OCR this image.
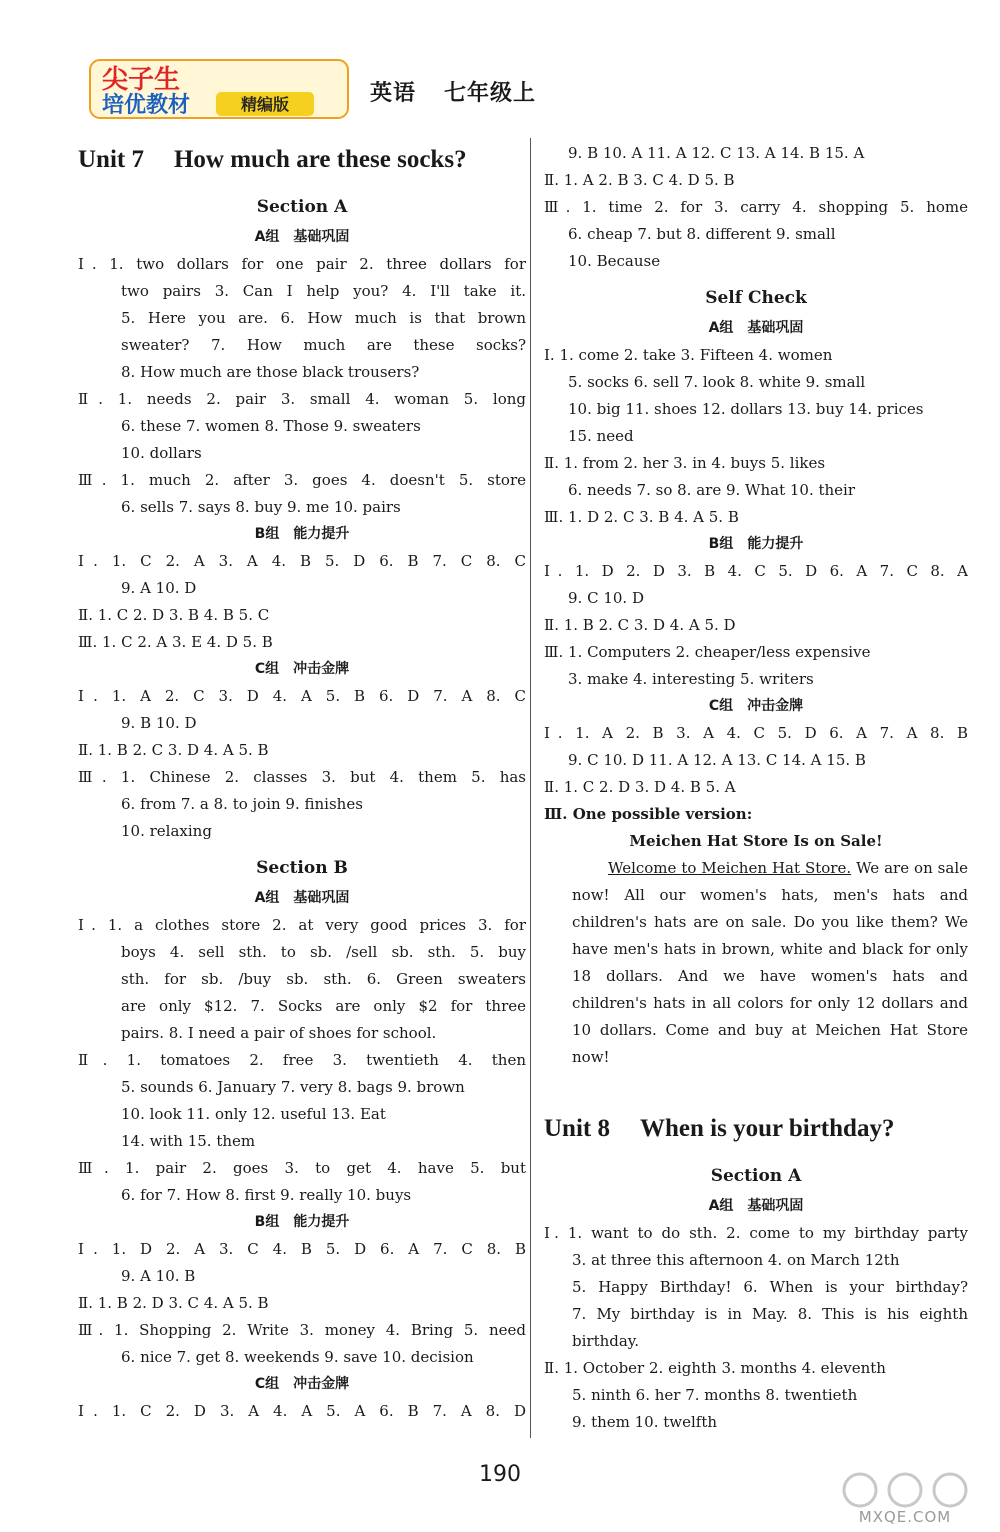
尖子生
培优教材	精编版	英语 七年级上
Unit 7 How much are these socks?
Section A
A组 基础巩固
Ⅰ. 1. two dollars for one pair 2. three dollars for
two pairs 3. Can I help you? 4. I'll take it.
5. Here you are. 6. How much is that brown
sweater? 7. How much are these socks?
8. How much are those black trousers?
Ⅱ. 1. needs 2. pair 3. small 4. woman 5. long
6. these 7. women 8. Those 9. sweaters
10. dollars
Ⅲ. 1. much 2. after 3. goes 4. doesn't 5. store
6. sells 7. says 8. buy 9. me 10. pairs
B组 能力提升
Ⅰ. 1. C 2. A 3. A 4. B 5. D 6. B 7. C 8. C
9. A 10. D
Ⅱ. 1. C 2. D 3. B 4. B 5. C
Ⅲ. 1. C 2. A 3. E 4. D 5. B
C组 冲击金牌
Ⅰ. 1. A 2. C 3. D 4. A 5. B 6. D 7. A 8. C
9. B 10. D
Ⅱ. 1. B 2. C 3. D 4. A 5. B
Ⅲ. 1. Chinese 2. classes 3. but 4. them 5. has
6. from 7. a 8. to join 9. finishes
10. relaxing
Section B
A组 基础巩固
Ⅰ. 1. a clothes store 2. at very good prices 3. for
boys 4. sell sth. to sb. /sell sb. sth. 5. buy
sth. for sb. /buy sb. sth. 6. Green sweaters
are only $12. 7. Socks are only $2 for three
pairs. 8. I need a pair of shoes for school.
Ⅱ. 1. tomatoes 2. free 3. twentieth 4. then
5. sounds 6. January 7. very 8. bags 9. brown
10. look 11. only 12. useful 13. Eat
14. with 15. them
Ⅲ. 1. pair 2. goes 3. to get 4. have 5. but
6. for 7. How 8. first 9. really 10. buys
B组 能力提升
Ⅰ. 1. D 2. A 3. C 4. B 5. D 6. A 7. C 8. B
9. A 10. B
Ⅱ. 1. B 2. D 3. C 4. A 5. B
Ⅲ. 1. Shopping 2. Write 3. money 4. Bring 5. need
6. nice 7. get 8. weekends 9. save 10. decision
C组 冲击金牌
Ⅰ. 1. C 2. D 3. A 4. A 5. A 6. B 7. A 8. D
9. B 10. A 11. A 12. C 13. A 14. B 15. A
Ⅱ. 1. A 2. B 3. C 4. D 5. B
Ⅲ. 1. time 2. for 3. carry 4. shopping 5. home
6. cheap 7. but 8. different 9. small
10. Because
Self Check
A组 基础巩固
Ⅰ. 1. come 2. take 3. Fifteen 4. women
5. socks 6. sell 7. look 8. white 9. small
10. big 11. shoes 12. dollars 13. buy 14. prices
15. need
Ⅱ. 1. from 2. her 3. in 4. buys 5. likes
6. needs 7. so 8. are 9. What 10. their
Ⅲ. 1. D 2. C 3. B 4. A 5. B
B组 能力提升
Ⅰ. 1. D 2. D 3. B 4. C 5. D 6. A 7. C 8. A
9. C 10. D
Ⅱ. 1. B 2. C 3. D 4. A 5. D
Ⅲ. 1. Computers 2. cheaper/less expensive
3. make 4. interesting 5. writers
C组 冲击金牌
Ⅰ. 1. A 2. B 3. A 4. C 5. D 6. A 7. A 8. B
9. C 10. D 11. A 12. A 13. C 14. A 15. B
Ⅱ. 1. C 2. D 3. D 4. B 5. A
Ⅲ. One possible version:
Meichen Hat Store Is on Sale!

Welcome to Meichen Hat Store. We are on sale now! All our women's hats, men's hats and children's hats are on sale. Do you like them? We have men's hats in brown, white and black for only 18 dollars. And we have women's hats and children's hats in all colors for only 12 dollars and 10 dollars. Come and buy at Meichen Hat Store now!

Unit 8 When is your birthday?
Section A
A组 基础巩固
Ⅰ. 1. want to do sth. 2. come to my birthday party
3. at three this afternoon 4. on March 12th
5. Happy Birthday! 6. When is your birthday?
7. My birthday is in May. 8. This is his eighth
birthday.
Ⅱ. 1. October 2. eighth 3. months 4. eleventh
5. ninth 6. her 7. months 8. twentieth
9. them 10. twelfth
190
MXQE.COM
